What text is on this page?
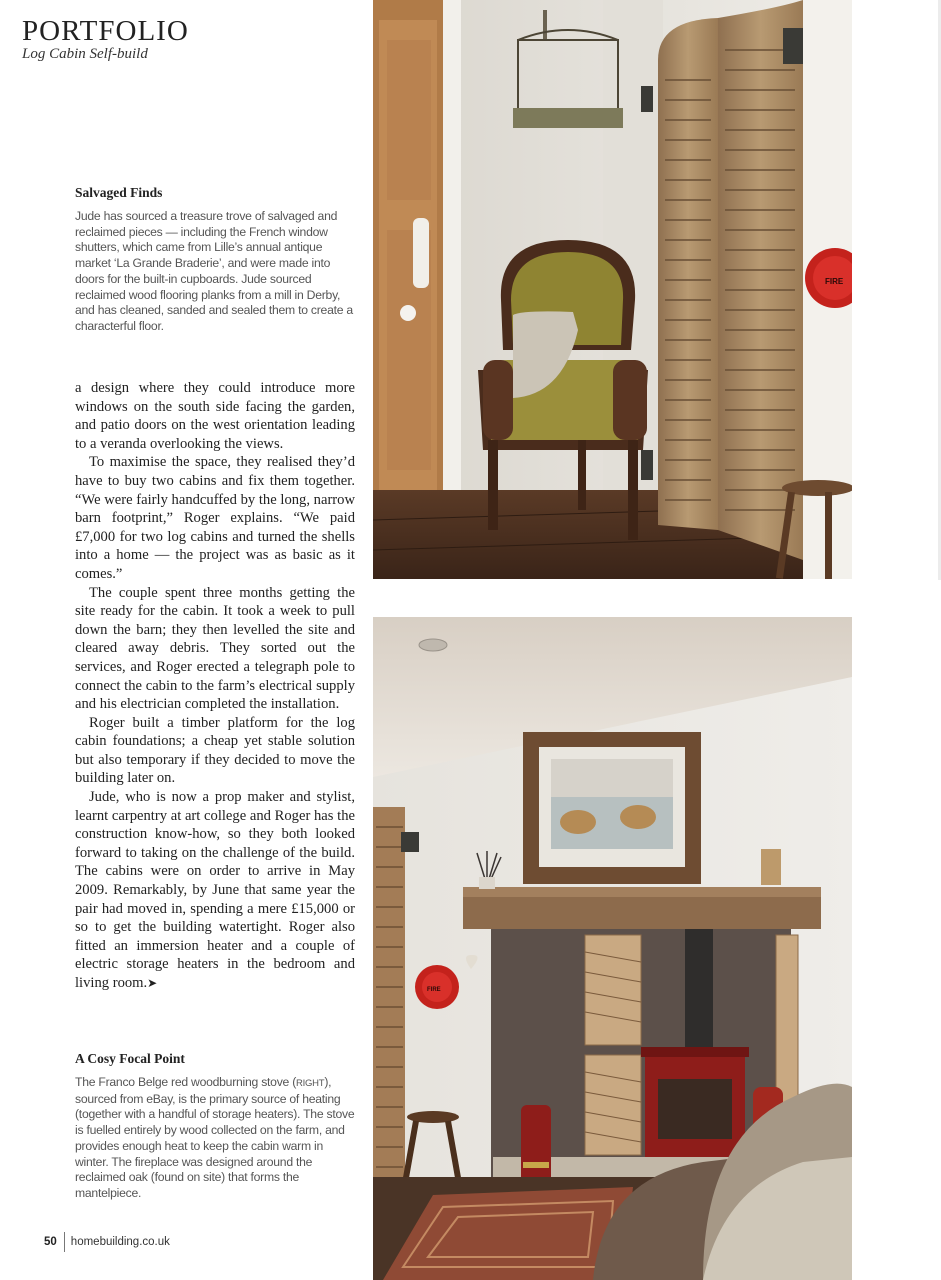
PORTFOLIO
Log Cabin Self-build
Salvaged Finds

Jude has sourced a treasure trove of salvaged and reclaimed pieces — including the French window shutters, which came from Lille’s annual antique market ‘La Grande Braderie’, and were made into doors for the built-in cupboards. Jude sourced reclaimed wood flooring planks from a mill in Derby, and has cleaned, sanded and sealed them to create a characterful floor.

a design where they could introduce more windows on the south side facing the garden, and patio doors on the west orientation leading to a veranda overlooking the views.

To maximise the space, they realised they’d have to buy two cabins and fix them together. “We were fairly handcuffed by the long, narrow barn footprint,” Roger explains. “We paid £7,000 for two log cabins and turned the shells into a home — the project was as basic as it comes.”

The couple spent three months getting the site ready for the cabin. It took a week to pull down the barn; they then levelled the site and cleared away debris. They sorted out the services, and Roger erected a telegraph pole to connect the cabin to the farm’s electrical supply and his electrician completed the installation.

Roger built a timber platform for the log cabin foundations; a cheap yet stable solution but also temporary if they decided to move the building later on.

Jude, who is now a prop maker and stylist, learnt carpentry at art college and Roger has the construction know-how, so they both looked forward to taking on the challenge of the build. The cabins were on order to arrive in May 2009. Remarkably, by June that same year the pair had moved in, spending a mere £15,000 or so to get the building watertight. Roger also fitted an immersion heater and a couple of electric storage heaters in the bedroom and living room.➤

A Cosy Focal Point

The Franco Belge red woodburning stove (RIGHT), sourced from eBay, is the primary source of heating (together with a handful of storage heaters). The stove is fuelled entirely by wood collected on the farm, and provides enough heat to keep the cabin warm in winter. The fireplace was designed around the reclaimed oak (found on site) that forms the mantelpiece.

FIRE
FIRE
50 homebuilding.co.uk
